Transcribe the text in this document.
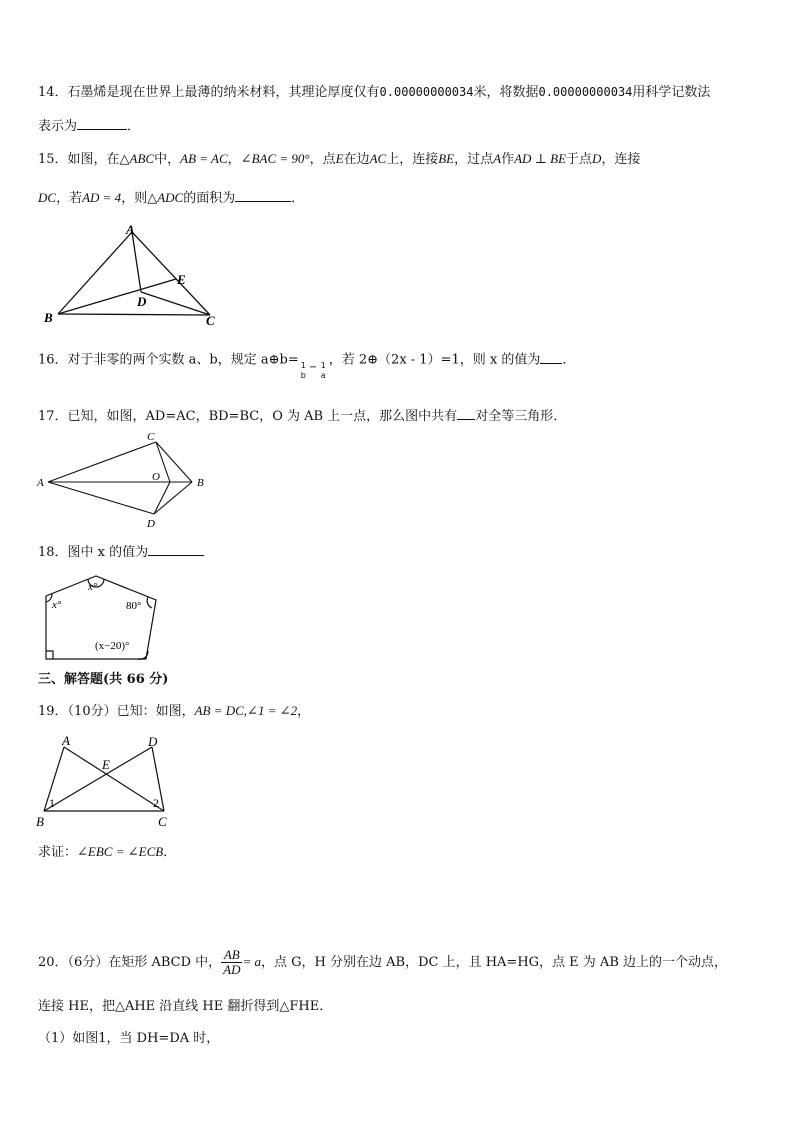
14．石墨烯是现在世界上最薄的纳米材料，其理论厚度仅有0.00000000034米，将数据0.00000000034用科学记数法
表示为	．
15．如图，在△ABC中，AB = AC，∠BAC = 90°，点E在边AC上，连接BE，过点A作AD ⊥ BE于点D，连接
DC，若AD = 4，则△ADC的面积为	．
A
B	C
D
E
16．对于非零的两个实数 a、b，规定 a⊕b= 1
b
− 1
a
，若 2⊕（2x - 1）=1，则 x 的值为 ．
17．已知，如图，AD=AC，BD=BC，O 为 AB 上一点，那么图中共有 对全等三角形．
A	B
C
D
O
18．图中 x 的值为
x°
x°	80°
(x−20)°
三、解答题(共 66 分)
19．（10分）已知：如图，AB = DC,∠1 = ∠2，
A	D
E
B	C
1	2
求证：∠EBC = ∠ECB．
20．（6分）在矩形 ABCD 中， $\frac{AB}{AD} = a$，点 G，H 分别在边 AB，DC 上，且 HA=HG，点 E 为 AB 边上的一个动点，
连接 HE，把△AHE 沿直线 HE 翻折得到△FHE．
（1）如图1，当 DH=DA 时，
